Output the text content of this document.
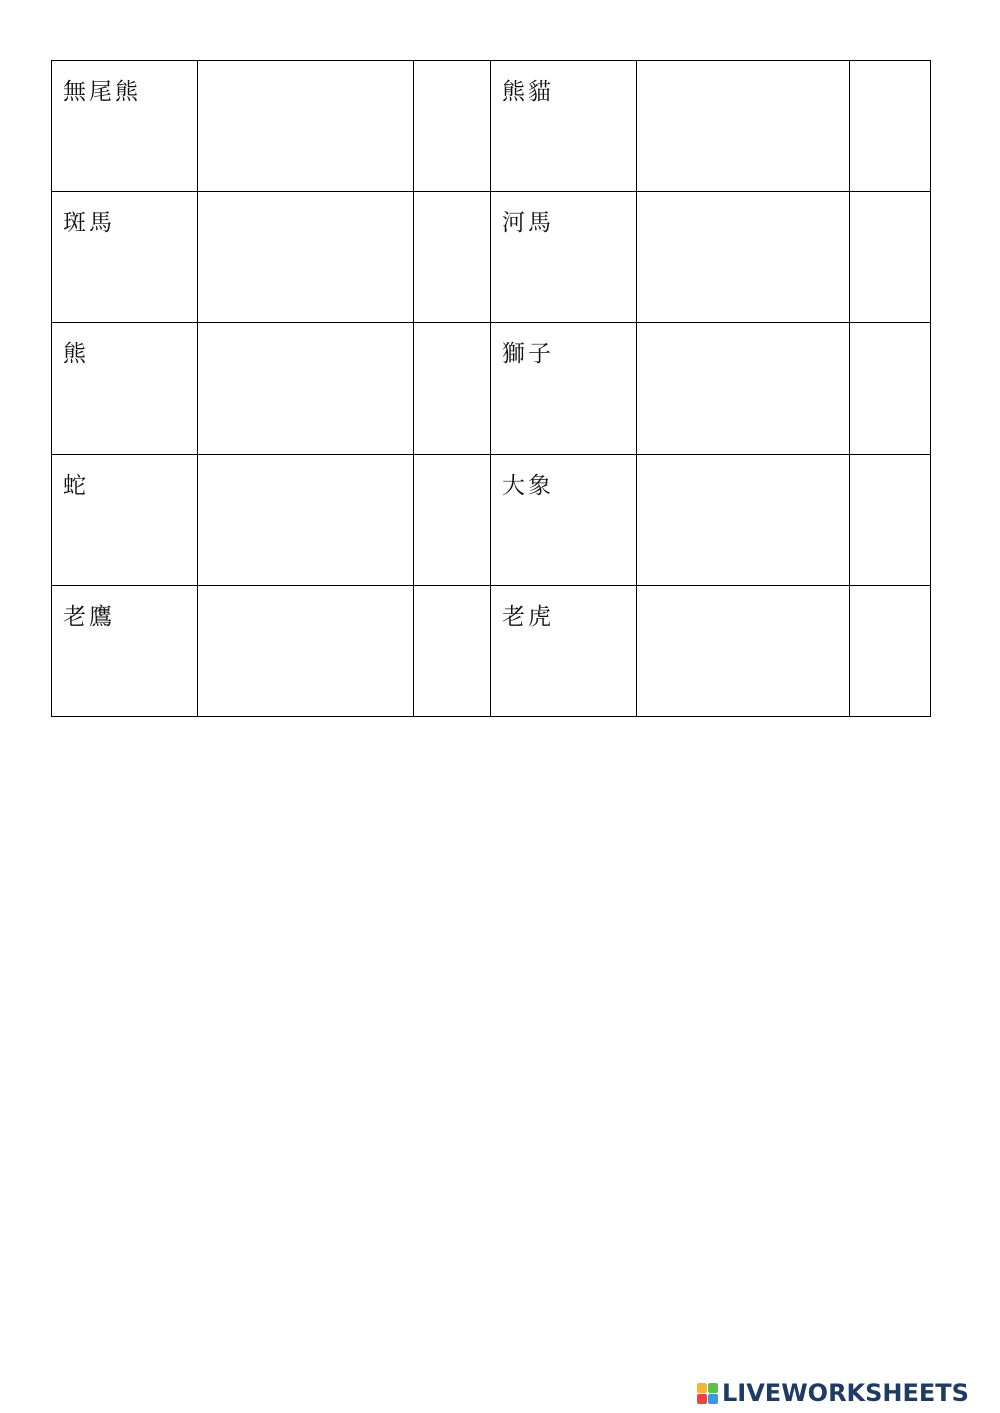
無尾熊			熊貓		

斑馬			河馬		

熊			獅子		

蛇			大象		

老鷹			老虎		

LIVEWORKSHEETS
